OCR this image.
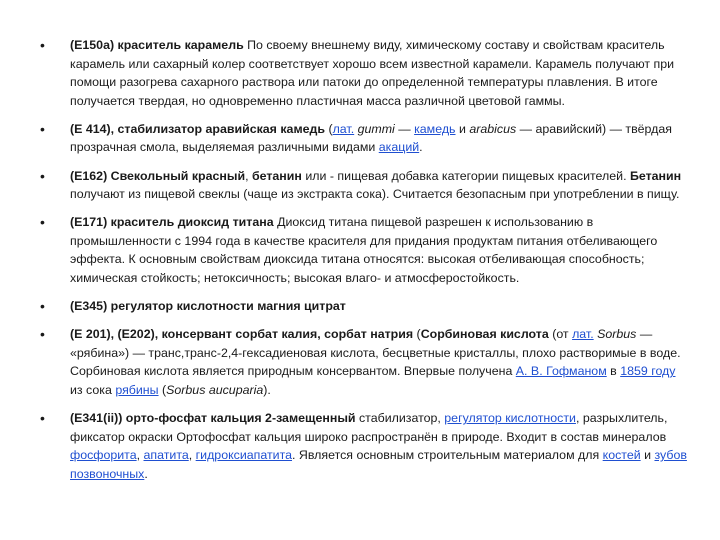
• (E150a) краситель карамель По своему внешнему виду, химическому составу и свойствам краситель карамель или сахарный колер соответствует хорошо всем известной карамели. Карамель получают при помощи разогрева сахарного раствора или патоки до определенной температуры плавления. В итоге получается твердая, но одновременно пластичная масса различной цветовой гаммы.
• (E 414), стабилизатор аравийская камедь (лат. gummi — камедь и arabicus — аравийский) — твёрдая прозрачная смола, выделяемая различными видами акаций.
• (E162) Свекольный красный, бетанин или - пищевая добавка категории пищевых красителей. Бетанин получают из пищевой свеклы (чаще из экстракта сока). Считается безопасным при употреблении в пищу.
• (E171) краситель диоксид титана Диоксид титана пищевой разрешен к использованию в промышленности с 1994 года в качестве красителя для придания продуктам питания отбеливающего эффекта. К основным свойствам диоксида титана относятся: высокая отбеливающая способность; химическая стойкость; нетоксичность; высокая влаго- и атмосферостойкость.
• (E345) регулятор кислотности магния цитрат
• (E 201), (E202), консервант сорбат калия, сорбат натрия (Сорбиновая кислота (от лат. Sorbus — «рябина») — транс,транс-2,4-гексадиеновая кислота, бесцветные кристаллы, плохо растворимые в воде. Сорбиновая кислота является природным консервантом. Впервые получена А. В. Гофманом в 1859 году из сока рябины (Sorbus aucuparia).
• (E341(ii)) орто-фосфат кальция 2-замещенный стабилизатор, регулятор кислотности, разрыхлитель, фиксатор окраски Ортофосфат кальция широко распространён в природе. Входит в состав минералов фосфорита, апатита, гидроксиапатита. Является основным строительным материалом для костей и зубов позвоночных.
